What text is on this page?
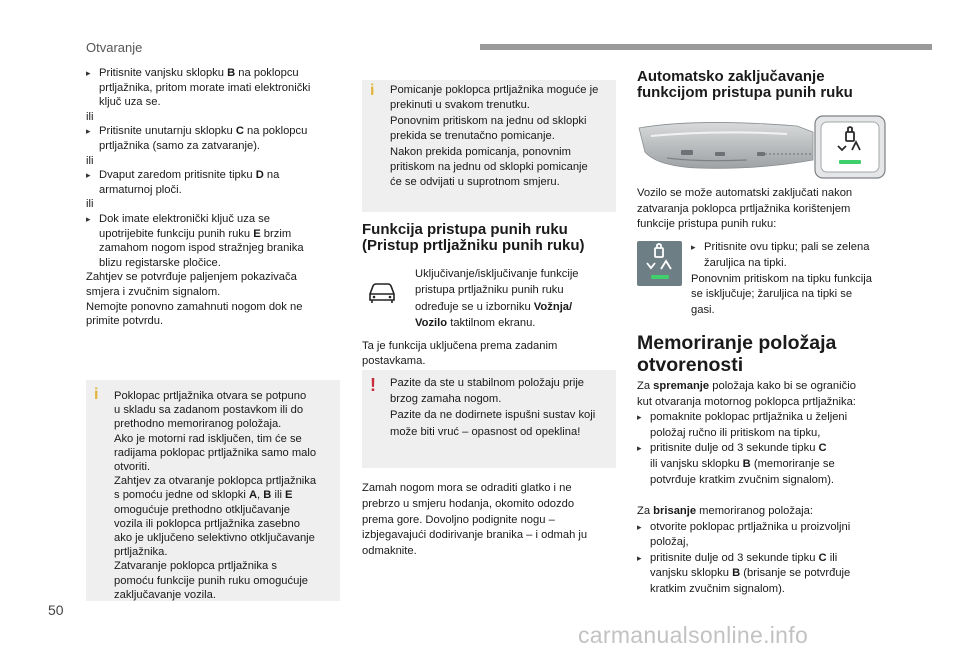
Otvaranje
▸ Pritisnite vanjsku sklopku B na poklopcu
prtljažnika, pritom morate imati elektronički
ključ uza se.
ili
▸ Pritisnite unutarnju sklopku C na poklopcu
prtljažnika (samo za zatvaranje).
ili
▸ Dvaput zaredom pritisnite tipku D na
armaturnoj ploči.
ili
▸ Dok imate elektronički ključ uza se
upotrijebite funkciju punih ruku E brzim
zamahom nogom ispod stražnjeg branika
blizu registarske pločice.
Zahtjev se potvrđuje paljenjem pokazivača
smjera i zvučnim signalom.
Nemojte ponovno zamahnuti nogom dok ne
primite potvrdu.
i Poklopac prtljažnika otvara se potpuno
u skladu sa zadanom postavkom ili do
prethodno memoriranog položaja.
Ako je motorni rad isključen, tim će se
radijama poklopac prtljažnika samo malo
otvoriti.
Zahtjev za otvaranje poklopca prtljažnika
s pomoću jedne od sklopki A, B ili E
omogućuje prethodno otključavanje
vozila ili poklopca prtljažnika zasebno
ako je uključeno selektivno otključavanje
prtljažnika.
Zatvaranje poklopca prtljažnika s
pomoću funkcije punih ruku omogućuje
zaključavanje vozila.
i Pomicanje poklopca prtljažnika moguće je
prekinuti u svakom trenutku.
Ponovnim pritiskom na jednu od sklopki
prekida se trenutačno pomicanje.
Nakon prekida pomicanja, ponovnim
pritiskom na jednu od sklopki pomicanje
će se odvijati u suprotnom smjeru.
Funkcija pristupa punih ruku
(Pristup prtljažniku punih ruku)
Uključivanje/isključivanje funkcije
pristupa prtljažniku punih ruku
određuje se u izborniku Vožnja/
Vozilo taktilnom ekranu.
Ta je funkcija uključena prema zadanim
postavkama.
! Pazite da ste u stabilnom položaju prije
brzog zamaha nogom.
Pazite da ne dodirnete ispušni sustav koji
može biti vruć – opasnost od opeklina!
Zamah nogom mora se odraditi glatko i ne
prebrzo u smjeru hodanja, okomito odozdo
prema gore. Dovoljno podignite nogu –
izbjegavajući dodirivanje branika – i odmah ju
odmaknite.
Automatsko zaključavanje
funkcijom pristupa punih ruku
Vozilo se može automatski zaključati nakon
zatvaranja poklopca prtljažnika korištenjem
funkcije pristupa punih ruku:
▸ Pritisnite ovu tipku; pali se zelena
žaruljica na tipki.
Ponovnim pritiskom na tipku funkcija
se isključuje; žaruljica na tipki se
gasi.
Memoriranje položaja
otvorenosti
Za spremanje položaja kako bi se ograničio
kut otvaranja motornog poklopca prtljažnika:
▸ pomaknite poklopac prtljažnika u željeni
položaj ručno ili pritiskom na tipku,
▸ pritisnite dulje od 3 sekunde tipku C
ili vanjsku sklopku B (memoriranje se
potvrđuje kratkim zvučnim signalom).
Za brisanje memoriranog položaja:
▸ otvorite poklopac prtljažnika u proizvoljni
položaj,
▸ pritisnite dulje od 3 sekunde tipku C ili
vanjsku sklopku B (brisanje se potvrđuje
kratkim zvučnim signalom).
50
carmanualsonline.info
